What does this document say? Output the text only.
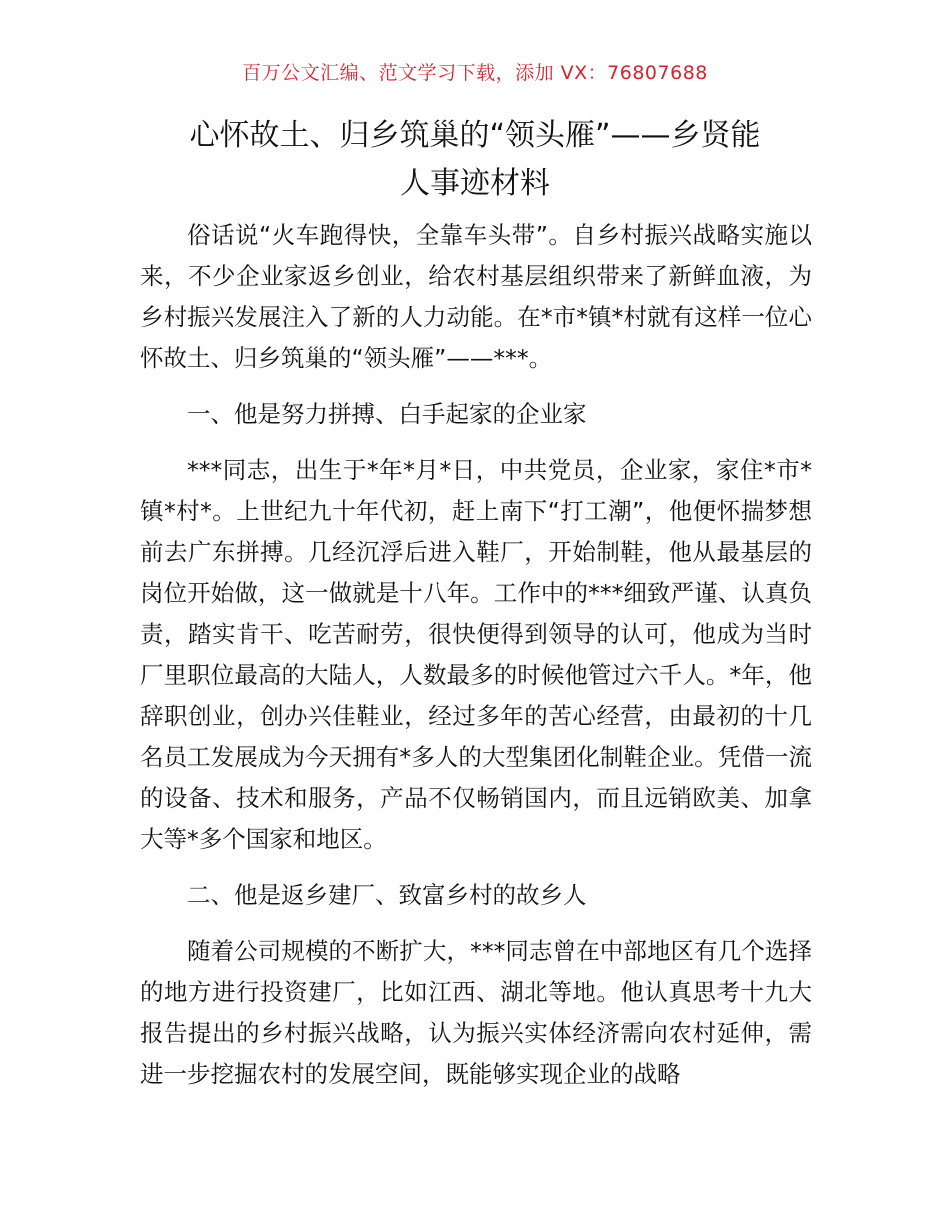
百万公文汇编、范文学习下载，添加 VX：76807688
心怀故土、归乡筑巢的“领头雁”——乡贤能
人事迹材料

俗话说“火车跑得快，全靠车头带”。自乡村振兴战略实施以来，不少企业家返乡创业，给农村基层组织带来了新鲜血液，为乡村振兴发展注入了新的人力动能。在*市*镇*村就有这样一位心怀故土、归乡筑巢的“领头雁”——***。

一、他是努力拼搏、白手起家的企业家

***同志，出生于*年*月*日，中共党员，企业家，家住*市*镇*村*。上世纪九十年代初，赶上南下“打工潮”，他便怀揣梦想前去广东拼搏。几经沉浮后进入鞋厂，开始制鞋，他从最基层的岗位开始做，这一做就是十八年。工作中的***细致严谨、认真负责，踏实肯干、吃苦耐劳，很快便得到领导的认可，他成为当时厂里职位最高的大陆人，人数最多的时候他管过六千人。*年，他辞职创业，创办兴佳鞋业，经过多年的苦心经营，由最初的十几名员工发展成为今天拥有*多人的大型集团化制鞋企业。凭借一流的设备、技术和服务，产品不仅畅销国内，而且远销欧美、加拿大等*多个国家和地区。

二、他是返乡建厂、致富乡村的故乡人

随着公司规模的不断扩大，***同志曾在中部地区有几个选择的地方进行投资建厂，比如江西、湖北等地。他认真思考十九大报告提出的乡村振兴战略，认为振兴实体经济需向农村延伸，需进一步挖掘农村的发展空间，既能够实现企业的战略
